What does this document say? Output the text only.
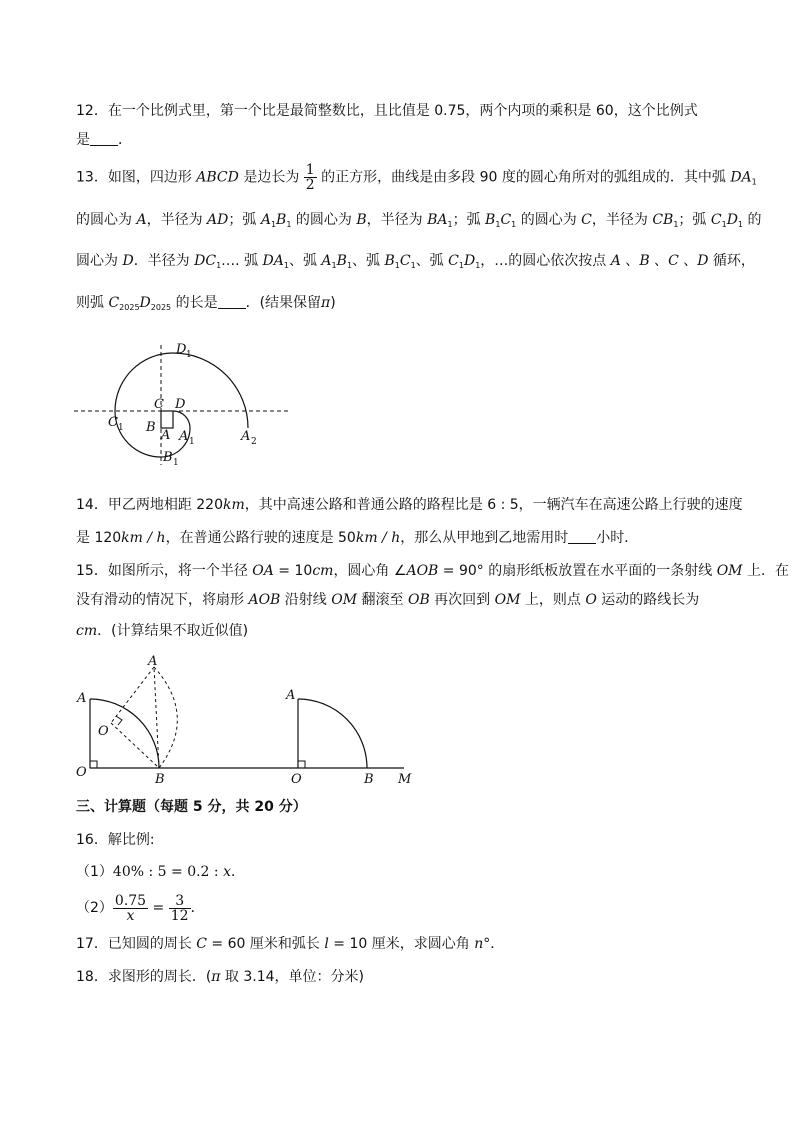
12．在一个比例式里，第一个比是最简整数比，且比值是 0.75，两个内项的乘积是 60，这个比例式
是 ．
13．如图，四边形 ABCD 是边长为 $\frac{1}{2}$ 的正方形，曲线是由多段 90 度的圆心角所对的弧组成的．其中弧 $DA_1$
的圆心为 A，半径为 AD；弧 $A_1B_1$ 的圆心为 B，半径为 $BA_1$；弧 $B_1C_1$ 的圆心为 C，半径为 $CB_1$；弧 $C_1D_1$ 的
圆心为 D．半径为 $DC_1\dots$. 弧 $DA_1$、弧 $A_1B_1$、弧 $B_1C_1$、弧 $C_1D_1$，…的圆心依次按点 A 、B 、C 、D 循环，
则弧 $C_{2025}D_{2025}$ 的长是 ．(结果保留π)
D 1
C D
C 1 B
A A 1	A 2
B 1
14．甲乙两地相距 220km，其中高速公路和普通公路的路程比是 6 : 5，一辆汽车在高速公路上行驶的速度
是 120km / h，在普通公路行驶的速度是 50km / h，那么从甲地到乙地需用时 小时．
15．如图所示，将一个半径 OA = 10cm，圆心角 ∠AOB = 90° 的扇形纸板放置在水平面的一条射线 OM 上．在
没有滑动的情况下，将扇形 AOB 沿射线 OM 翻滚至 OB 再次回到 OM 上，则点 O 运动的路线长为
cm．(计算结果不取近似值)
A
A
O
O	B
A
O	B M
三、计算题（每题 5 分，共 20 分）
16．解比例:
（1）40% : 5 = 0.2 : x．
$(2) \frac{0.75}{x} = \frac{3}{12}$ ．
17．已知圆的周长 C = 60 厘米和弧长 l = 10 厘米，求圆心角 n°．
18．求图形的周长．(π 取 3.14，单位：分米)
